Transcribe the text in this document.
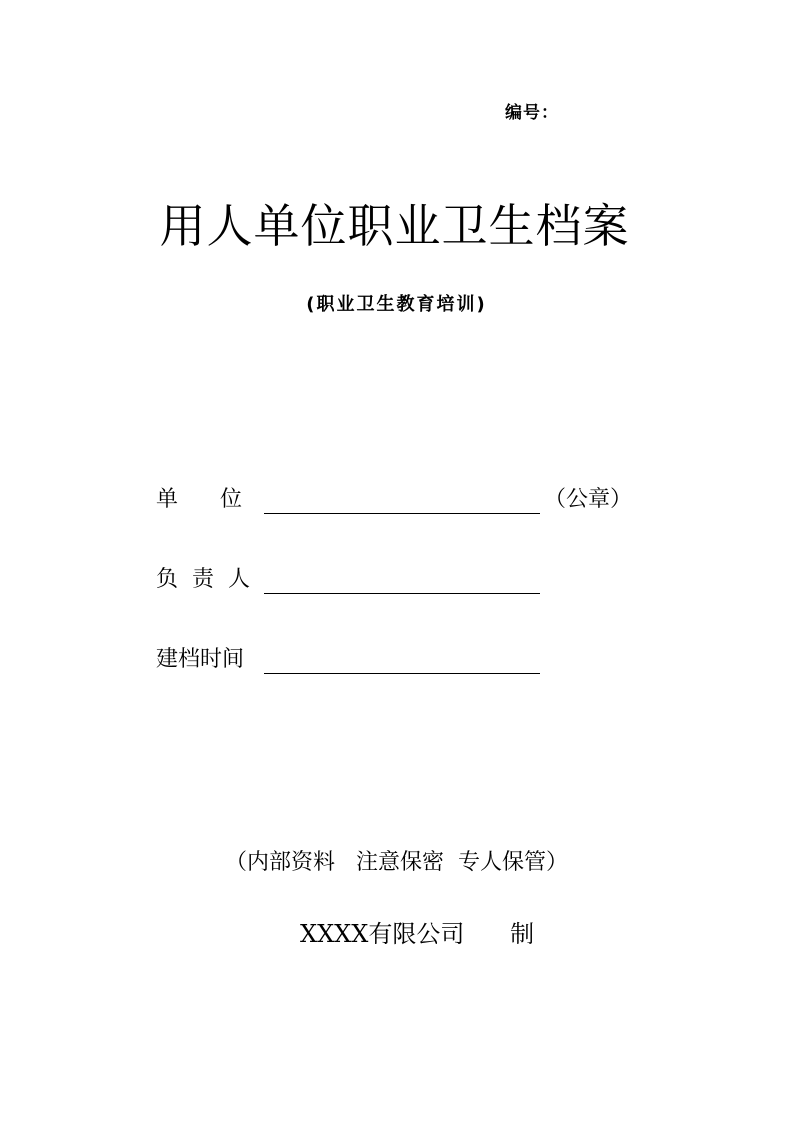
编号：
用人单位职业卫生档案
(职业卫生教育培训)
单      位	（公章）
负  责  人
建档时间
（内部资料   注意保密  专人保管）
XXXX有限公司 制
